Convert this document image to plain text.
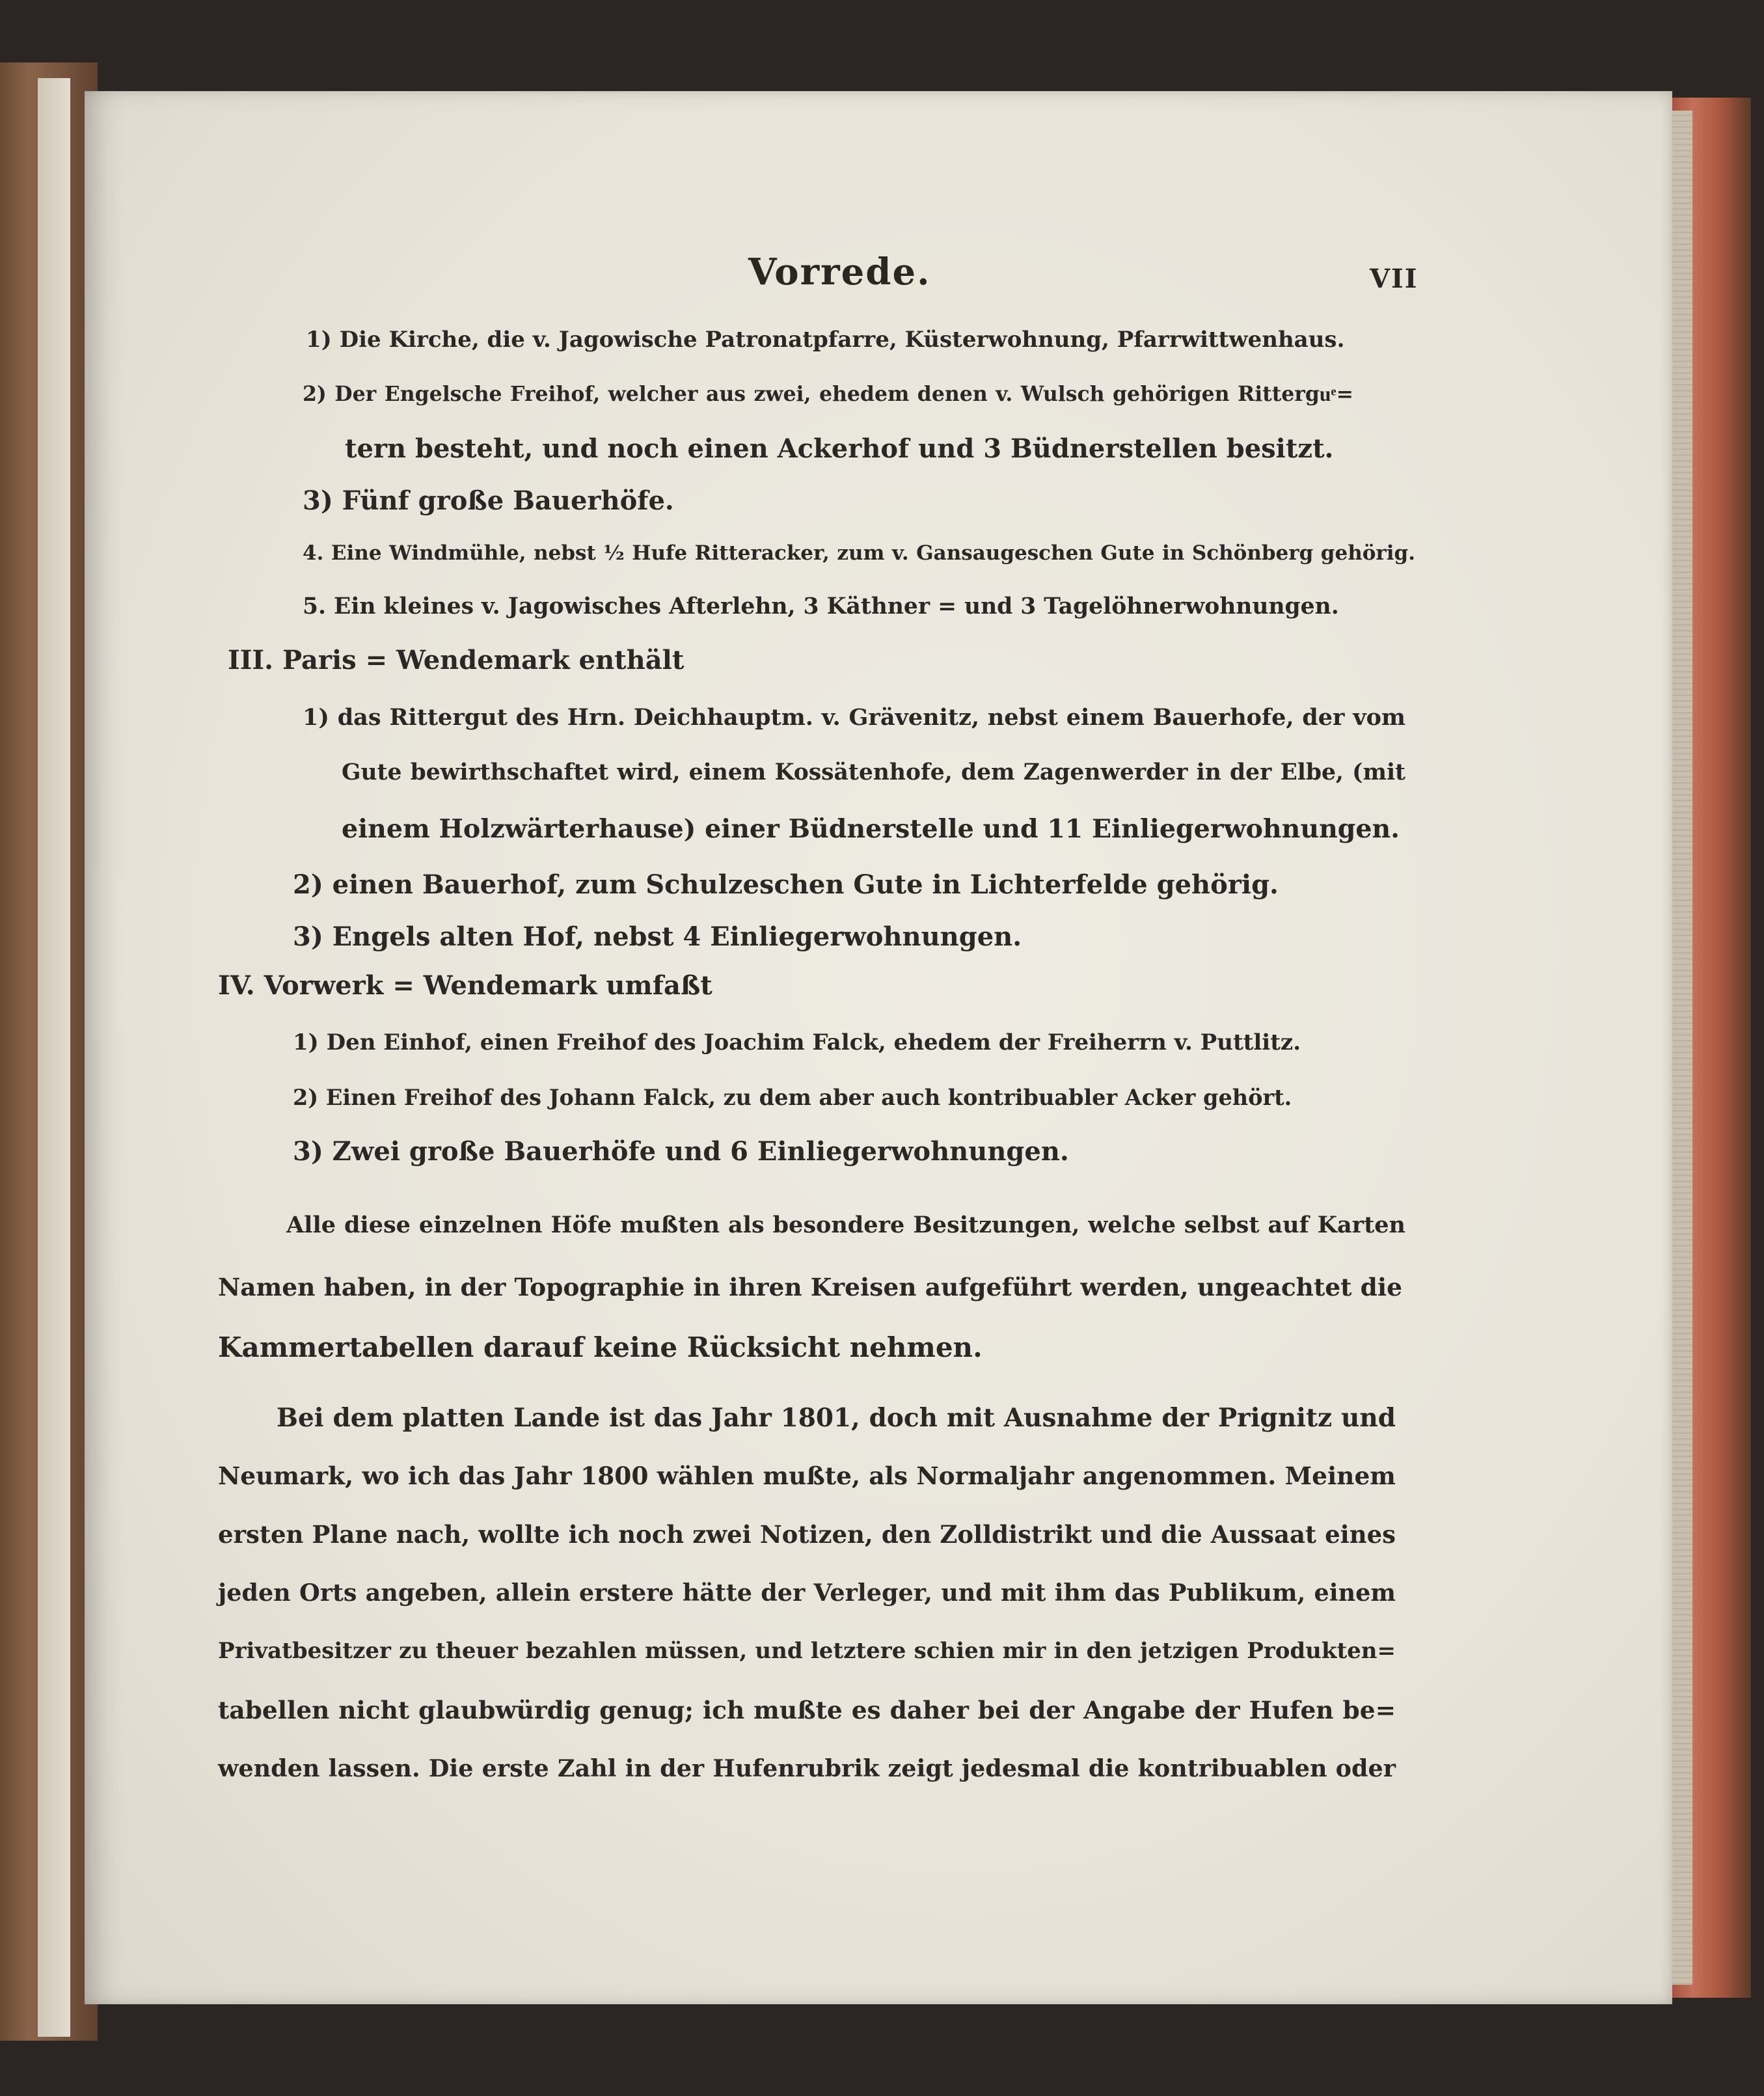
Vorrede.	VII
1) Die Kirche, die v. Jagowische Patronatpfarre, Küsterwohnung, Pfarrwittwenhaus.
2) Der Engelsche Freihof, welcher aus zwei, ehedem denen v. Wulsch gehörigen Ritterguͤ=
tern besteht, und noch einen Ackerhof und 3 Büdnerstellen besitzt.
3) Fünf große Bauerhöfe.
4. Eine Windmühle, nebst ½ Hufe Ritteracker, zum v. Gansaugeschen Gute in Schönberg gehörig.
5. Ein kleines v. Jagowisches Afterlehn, 3 Käthner = und 3 Tagelöhnerwohnungen.
III. Paris = Wendemark enthält
1) das Rittergut des Hrn. Deichhauptm. v. Grävenitz, nebst einem Bauerhofe, der vom
Gute bewirthschaftet wird, einem Kossätenhofe, dem Zagenwerder in der Elbe, (mit
einem Holzwärterhause) einer Büdnerstelle und 11 Einliegerwohnungen.
2) einen Bauerhof, zum Schulzeschen Gute in Lichterfelde gehörig.
3) Engels alten Hof, nebst 4 Einliegerwohnungen.
IV. Vorwerk = Wendemark umfaßt
1) Den Einhof, einen Freihof des Joachim Falck, ehedem der Freiherrn v. Puttlitz.
2) Einen Freihof des Johann Falck, zu dem aber auch kontribuabler Acker gehört.
3) Zwei große Bauerhöfe und 6 Einliegerwohnungen.
Alle diese einzelnen Höfe mußten als besondere Besitzungen, welche selbst auf Karten
Namen haben, in der Topographie in ihren Kreisen aufgeführt werden, ungeachtet die
Kammertabellen darauf keine Rücksicht nehmen.
Bei dem platten Lande ist das Jahr 1801, doch mit Ausnahme der Prignitz und
Neumark, wo ich das Jahr 1800 wählen mußte, als Normaljahr angenommen. Meinem
ersten Plane nach, wollte ich noch zwei Notizen, den Zolldistrikt und die Aussaat eines
jeden Orts angeben, allein erstere hätte der Verleger, und mit ihm das Publikum, einem
Privatbesitzer zu theuer bezahlen müssen, und letztere schien mir in den jetzigen Produkten=
tabellen nicht glaubwürdig genug; ich mußte es daher bei der Angabe der Hufen be=
wenden lassen. Die erste Zahl in der Hufenrubrik zeigt jedesmal die kontribuablen oder
